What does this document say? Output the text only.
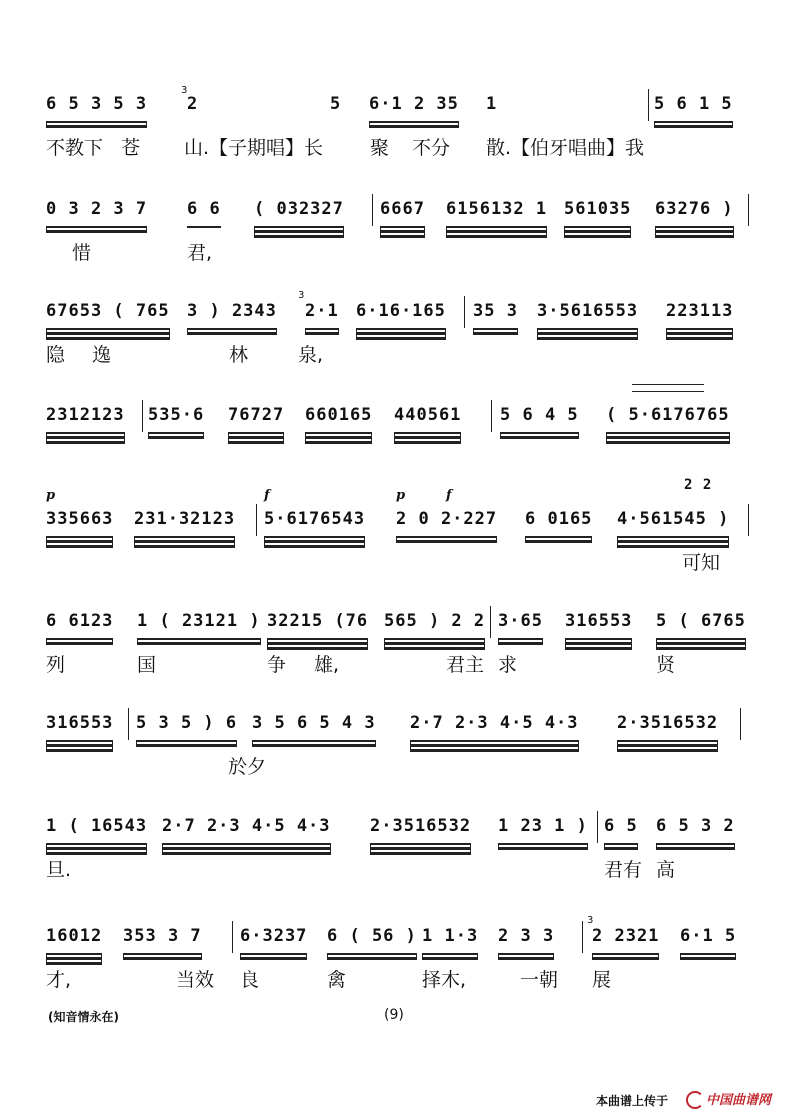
6 5 3 5 3
3
2	5 6·1 2 35 1	5 6 1 5
不教下 苍 山.【子期唱】长 聚 不分 散.【伯牙唱曲】我
0 3 2 3 7 6 6 ( 032327 6667 6156132 1 561035 63276 )
惜	君,
67653 ( 765 3 ) 2343
3
2·1 6·16·165 35 3 3·5616553 223113
隐 逸	林	泉,
2312123 535·6 76727 660165 440561 5 6 4 5 ( 5·6176765
p	f	p	f
2 2
335663 231·32123 5·6176543 2 0 2·227 6 0165 4·561545 )
可知
6 6123 1 ( 23121 ) 32215 (76 565 ) 2 2 3·65 316553 5 ( 6765
列	国	争 雄,	君主 求	贤
316553 5 3 5 ) 6 3 5 6 5 4 3 2·7 2·3 4·5 4·3 2·3516532
於夕
1 ( 16543 2·7 2·3 4·5 4·3 2·3516532 1 23 1 ) 6 5 6 5 3 2
旦.	君有 高
16012 353 3 7 6·3237 6 ( 56 ) 1 1·3 2 3 3
3
2 2321 6·1 5
才,	当效 良	禽	择木,	一朝 展
(知音情永在)	(9)
本曲谱上传于	中国曲谱网
